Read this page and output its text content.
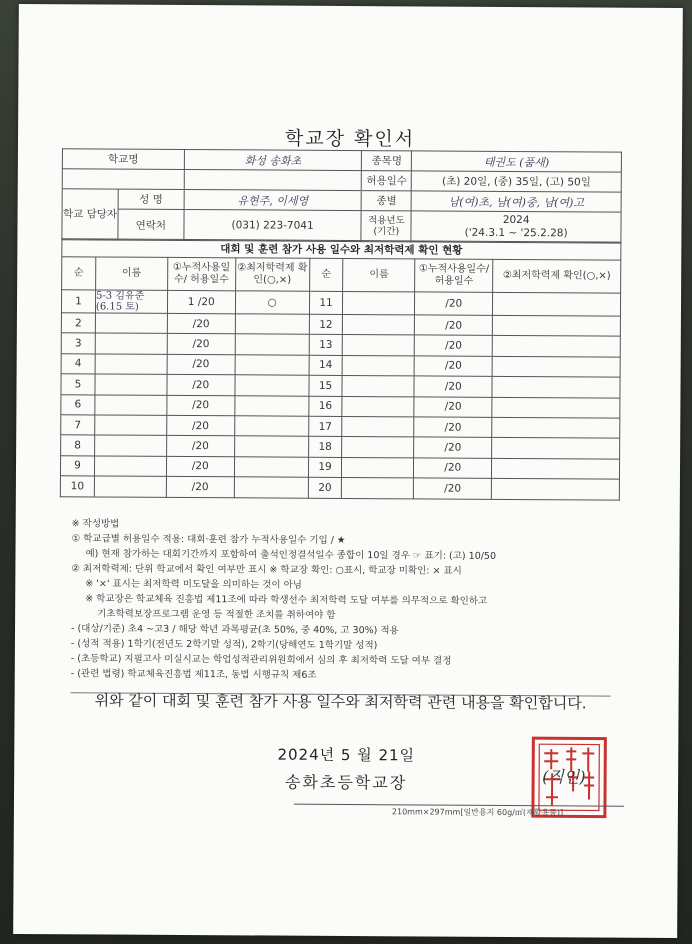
학교장 확인서
학교명		화성 송화초	종목명	태권도 (품새)
			허용일수	(초) 20일, (중) 35일, (고) 50일
학교 담당자	성 명	유현주, 이세영	종별	남(여)초, 남(여)중, 남(여)고
	연락처	(031) 223-7041	적용년도 (기간)	2024
('24.3.1 ~ '25.2.28)
대회 및 훈련 참가 사용 일수와 최저학력제 확인 현황
순	이름	①누적사용일수/ 허용일수	②최저학력제 확인(○,×)	순	이름	①누적사용일수/ 허용일수	②최저학력제 확인(○,×)
1	5-3 김유준 (6.15 토)	1 /20	○	11		/20	
2		/20		12		/20	
3		/20		13		/20	
4		/20		14		/20	
5		/20		15		/20	
6		/20		16		/20	
7		/20		17		/20	
8		/20		18		/20	
9		/20		19		/20	
10		/20		20		/20	
※ 작성방법
① 학교급별 허용일수 적용: 대회·훈련 참가 누적사용일수 기입 / ★
예) 현재 참가하는 대회기간까지 포함하여 출석인정결석일수 종합이 10일 경우 ☞ 표기: (고) 10/50
② 최저학력제: 단위 학교에서 확인 여부만 표시 ※ 학교장 확인: ○표시, 학교장 미확인: × 표시
※ '×' 표시는 최저학력 미도달을 의미하는 것이 아님
※ 학교장은 학교체육 진흥법 제11조에 따라 학생선수 최저학력 도달 여부를 의무적으로 확인하고
기초학력보장프로그램 운영 등 적절한 조치를 취하여야 함
- (대상/기준) 초4 ~고3 / 해당 학년 과목평균(초 50%, 중 40%, 고 30%) 적용
- (성적 적용) 1학기(전년도 2학기말 성적), 2학기(당해연도 1학기말 성적)
- (초등학교) 지필고사 미실시교는 학업성적관리위원회에서 심의 후 최저학력 도달 여부 결정
- (관련 법령) 학교체육진흥법 제11조, 동법 시행규칙 제6조
위와 같이 대회 및 훈련 참가 사용 일수와 최저학력 관련 내용을 확인합니다.
2024년 5 월 21일
송화초등학교장	(직인)
210mm×297mm[일반용지 60g/㎡(재활용품)]
